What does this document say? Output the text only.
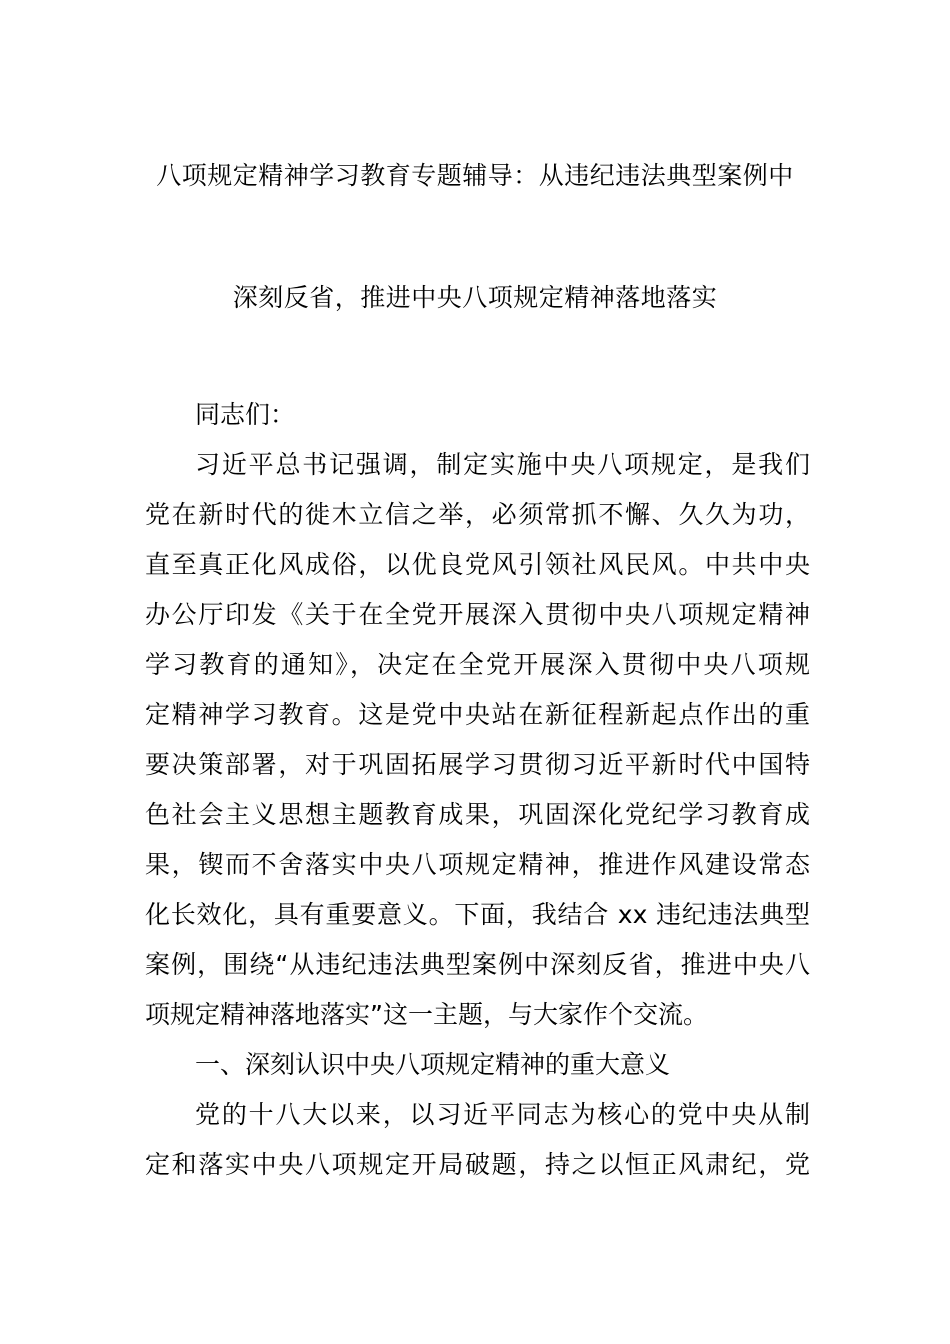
八项规定精神学习教育专题辅导：从违纪违法典型案例中
深刻反省，推进中央八项规定精神落地落实
同志们：
习近平总书记强调，制定实施中央八项规定，是我们
党在新时代的徙木立信之举，必须常抓不懈、久久为功，
直至真正化风成俗，以优良党风引领社风民风。中共中央
办公厅印发《关于在全党开展深入贯彻中央八项规定精神
学习教育的通知》，决定在全党开展深入贯彻中央八项规
定精神学习教育。这是党中央站在新征程新起点作出的重
要决策部署，对于巩固拓展学习贯彻习近平新时代中国特
色社会主义思想主题教育成果，巩固深化党纪学习教育成
果，锲而不舍落实中央八项规定精神，推进作风建设常态
化长效化，具有重要意义。下面，我结合 xx 违纪违法典型
案例，围绕“从违纪违法典型案例中深刻反省，推进中央八
项规定精神落地落实”这一主题，与大家作个交流。
一、深刻认识中央八项规定精神的重大意义
党的十八大以来，以习近平同志为核心的党中央从制
定和落实中央八项规定开局破题，持之以恒正风肃纪，党
